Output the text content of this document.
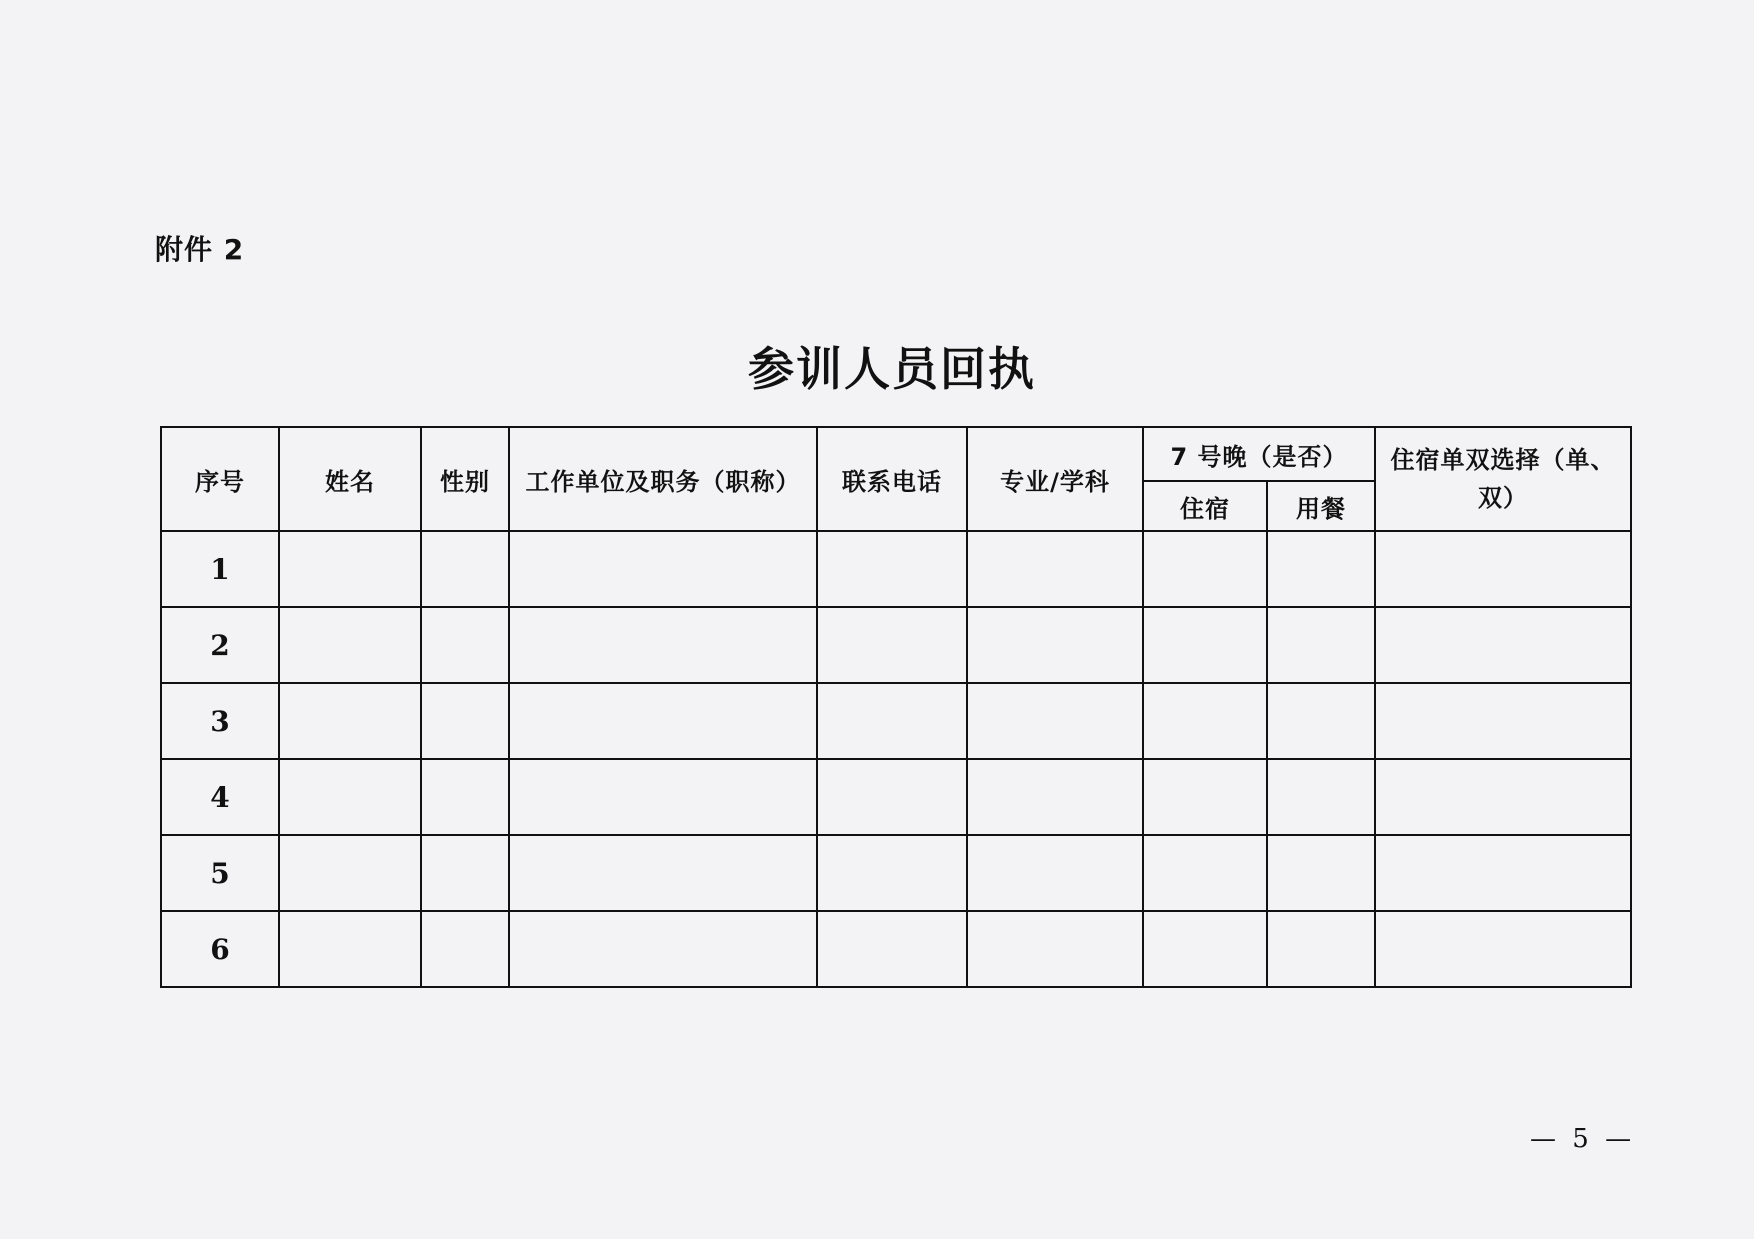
附件 2
参训人员回执
序号	姓名	性别	工作单位及职务（职称）	联系电话	专业/学科	7 号晚（是否）		住宿单双选择（单、双）
						住宿	用餐	
1								
2								
3								
4								
5								
6								
— 5 —
